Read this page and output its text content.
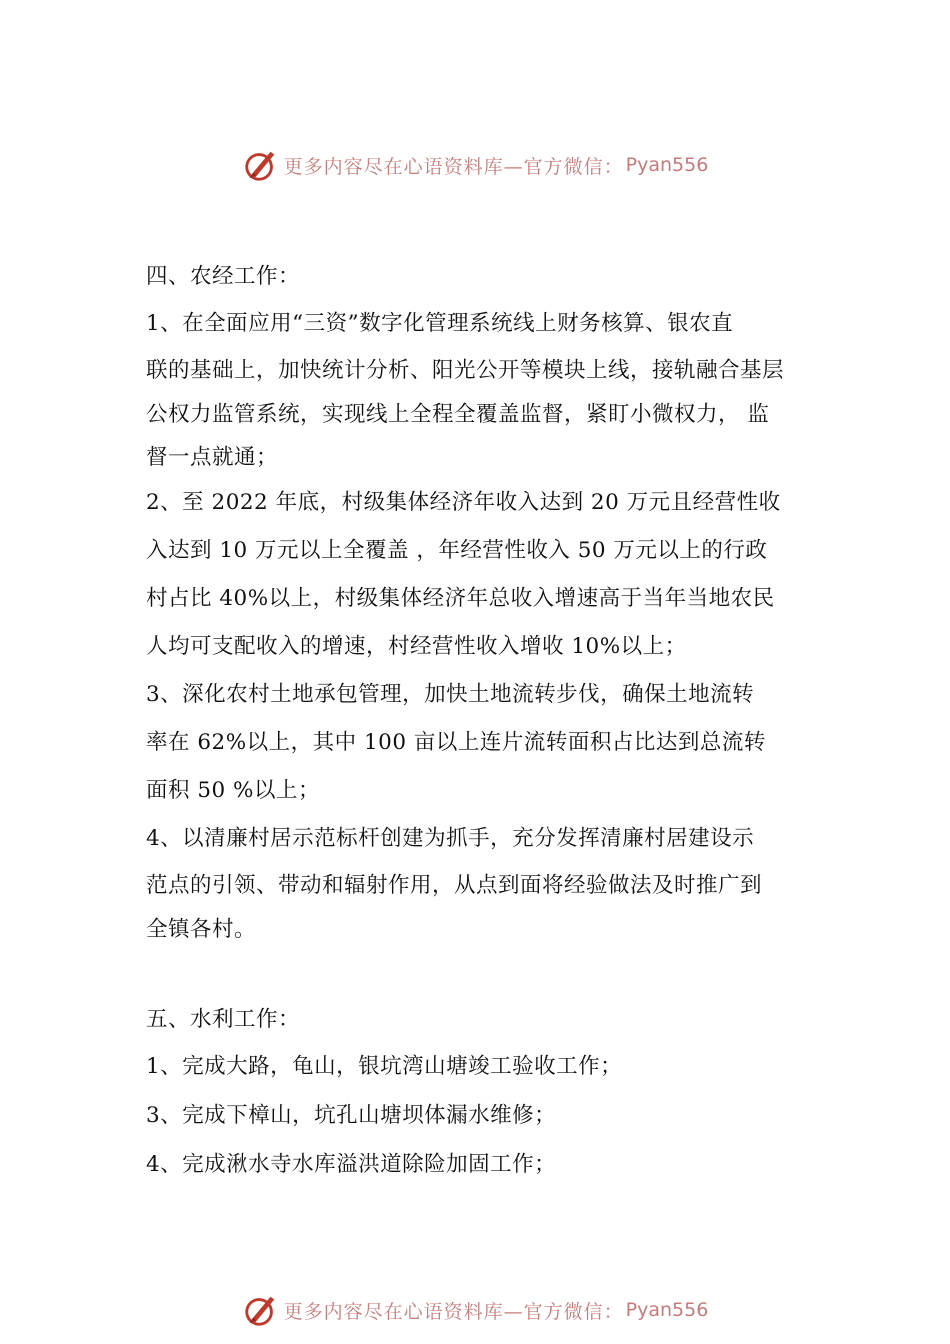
更多内容尽在心语资料库—官方微信： Pyan556
四、农经工作：
1、在全面应用“三资”数字化管理系统线上财务核算、银农直
联的基础上，加快统计分析、阳光公开等模块上线，接轨融合基层
公权力监管系统，实现线上全程全覆盖监督，紧盯小微权力， 监
督一点就通；
2、至 2022 年底，村级集体经济年收入达到 20 万元且经营性收
入达到 10 万元以上全覆盖 ，年经营性收入 50 万元以上的行政
村占比 40%以上，村级集体经济年总收入增速高于当年当地农民
人均可支配收入的增速，村经营性收入增收 10%以上；
3、深化农村土地承包管理，加快土地流转步伐，确保土地流转
率在 62%以上，其中 100 亩以上连片流转面积占比达到总流转
面积 50 %以上；
4、以清廉村居示范标杆创建为抓手，充分发挥清廉村居建设示
范点的引领、带动和辐射作用，从点到面将经验做法及时推广到
全镇各村。
五、水利工作：
1、完成大路，龟山，银坑湾山塘竣工验收工作；
3、完成下樟山，坑孔山塘坝体漏水维修；
4、完成湫水寺水库溢洪道除险加固工作；
更多内容尽在心语资料库—官方微信： Pyan556
